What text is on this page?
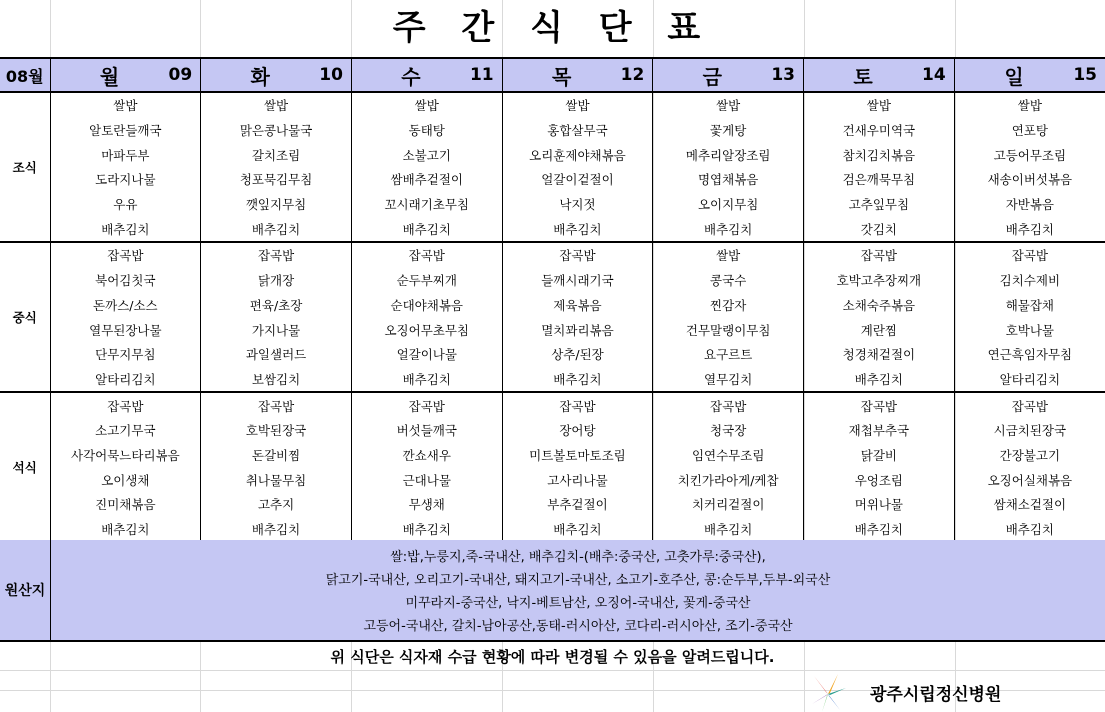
주 간 식 단 표
08월	월 09	화 10	수 11	목 12	금 13	토 14	일 15

조식	쌀밥	쌀밥	쌀밥	쌀밥	쌀밥	쌀밥	쌀밥
	알토란들깨국	맑은콩나물국	동태탕	홍합살무국	꽃게탕	건새우미역국	연포탕
	마파두부	갈치조림	소불고기	오리훈제야채볶음	메추리알장조림	참치김치볶음	고등어무조림
	도라지나물	청포묵김무침	쌈배추겉절이	얼갈이겉절이	명엽채볶음	검은깨묵무침	새송이버섯볶음
	우유	깻잎지무침	꼬시래기초무침	낙지젓	오이지무침	고추잎무침	자반볶음
	배추김치	배추김치	배추김치	배추김치	배추김치	갓김치	배추김치
중식	잡곡밥	잡곡밥	잡곡밥	잡곡밥	쌀밥	잡곡밥	잡곡밥
	북어김칫국	닭개장	순두부찌개	들깨시래기국	콩국수	호박고추장찌개	김치수제비
	돈까스/소스	편육/초장	순대야채볶음	제육볶음	찐감자	소채숙주볶음	해물잡채
	열무된장나물	가지나물	오징어무초무침	멸치꽈리볶음	건무말랭이무침	계란찜	호박나물
	단무지무침	과일샐러드	얼갈이나물	상추/된장	요구르트	청경채겉절이	연근흑임자무침
	알타리김치	보쌈김치	배추김치	배추김치	열무김치	배추김치	알타리김치
석식	잡곡밥	잡곡밥	잡곡밥	잡곡밥	잡곡밥	잡곡밥	잡곡밥
	소고기무국	호박된장국	버섯들깨국	장어탕	청국장	재첩부추국	시금치된장국
	사각어묵느타리볶음	돈갈비찜	깐쇼새우	미트볼토마토조림	임연수무조림	닭갈비	간장불고기
	오이생채	취나물무침	근대나물	고사리나물	치킨가라아게/케찹	우엉조림	오징어실채볶음
	진미채볶음	고추지	무생채	부추겉절이	치커리겉절이	머위나물	쌈채소겉절이
	배추김치	배추김치	배추김치	배추김치	배추김치	배추김치	배추김치
원산지
쌀:밥,누룽지,죽-국내산, 배추김치-(배추:중국산, 고춧가루:중국산),
닭고기-국내산, 오리고기-국내산, 돼지고기-국내산, 소고기-호주산, 콩:순두부,두부-외국산
미꾸라지-중국산, 낙지-베트남산, 오징어-국내산, 꽃게-중국산
고등어-국내산, 갈치-남아공산,동태-러시아산, 코다리-러시아산, 조기-중국산
위 식단은 식자재 수급 현황에 따라 변경될 수 있음을 알려드립니다.
광주시립정신병원
